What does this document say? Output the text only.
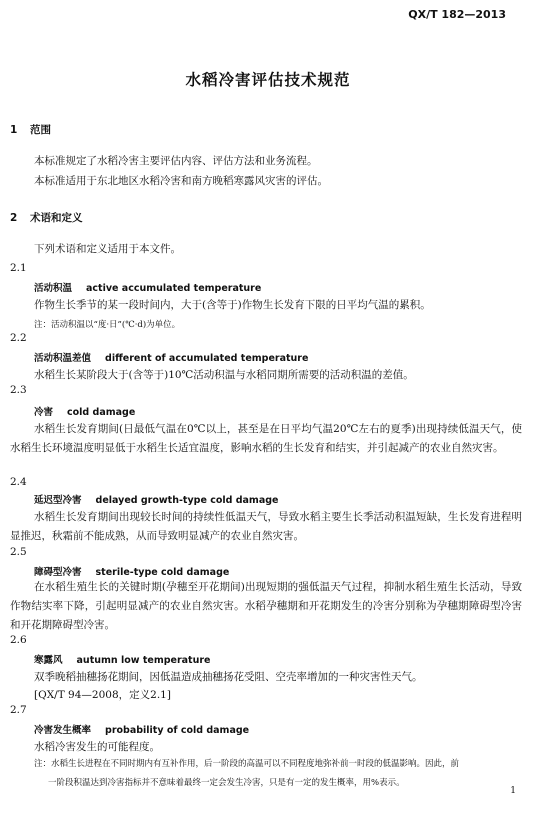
QX/T 182—2013
水稻冷害评估技术规范
1 范围
本标准规定了水稻冷害主要评估内容、评估方法和业务流程。
本标准适用于东北地区水稻冷害和南方晚稻寒露风灾害的评估。
2 术语和定义
下列术语和定义适用于本文件。
2.1
活动积温 active accumulated temperature
作物生长季节的某一段时间内，大于(含等于)作物生长发育下限的日平均气温的累积。
注：活动积温以“度·日”(℃·d)为单位。
2.2
活动积温差值 different of accumulated temperature
水稻生长某阶段大于(含等于)10℃活动积温与水稻同期所需要的活动积温的差值。
2.3
冷害 cold damage
水稻生长发育期间(日最低气温在0℃以上，甚至是在日平均气温20℃左右的夏季)出现持续低温天气，使水稻生长环境温度明显低于水稻生长适宜温度，影响水稻的生长发育和结实，并引起减产的农业自然灾害。
2.4
延迟型冷害 delayed growth-type cold damage
水稻生长发育期间出现较长时间的持续性低温天气，导致水稻主要生长季活动积温短缺，生长发育进程明显推迟，秋霜前不能成熟，从而导致明显减产的农业自然灾害。
2.5
障碍型冷害 sterile-type cold damage
在水稻生殖生长的关键时期(孕穗至开花期间)出现短期的强低温天气过程，抑制水稻生殖生长活动，导致作物结实率下降，引起明显减产的农业自然灾害。水稻孕穗期和开花期发生的冷害分别称为孕穗期障碍型冷害和开花期障碍型冷害。
2.6
寒露风 autumn low temperature
双季晚稻抽穗扬花期间，因低温造成抽穗扬花受阻、空壳率增加的一种灾害性天气。
[QX/T 94—2008，定义2.1]
2.7
冷害发生概率 probability of cold damage
水稻冷害发生的可能程度。
注：水稻生长进程在不同时期内有互补作用，后一阶段的高温可以不同程度地弥补前一时段的低温影响。因此，前
一阶段积温达到冷害指标并不意味着最终一定会发生冷害，只是有一定的发生概率，用%表示。
1
